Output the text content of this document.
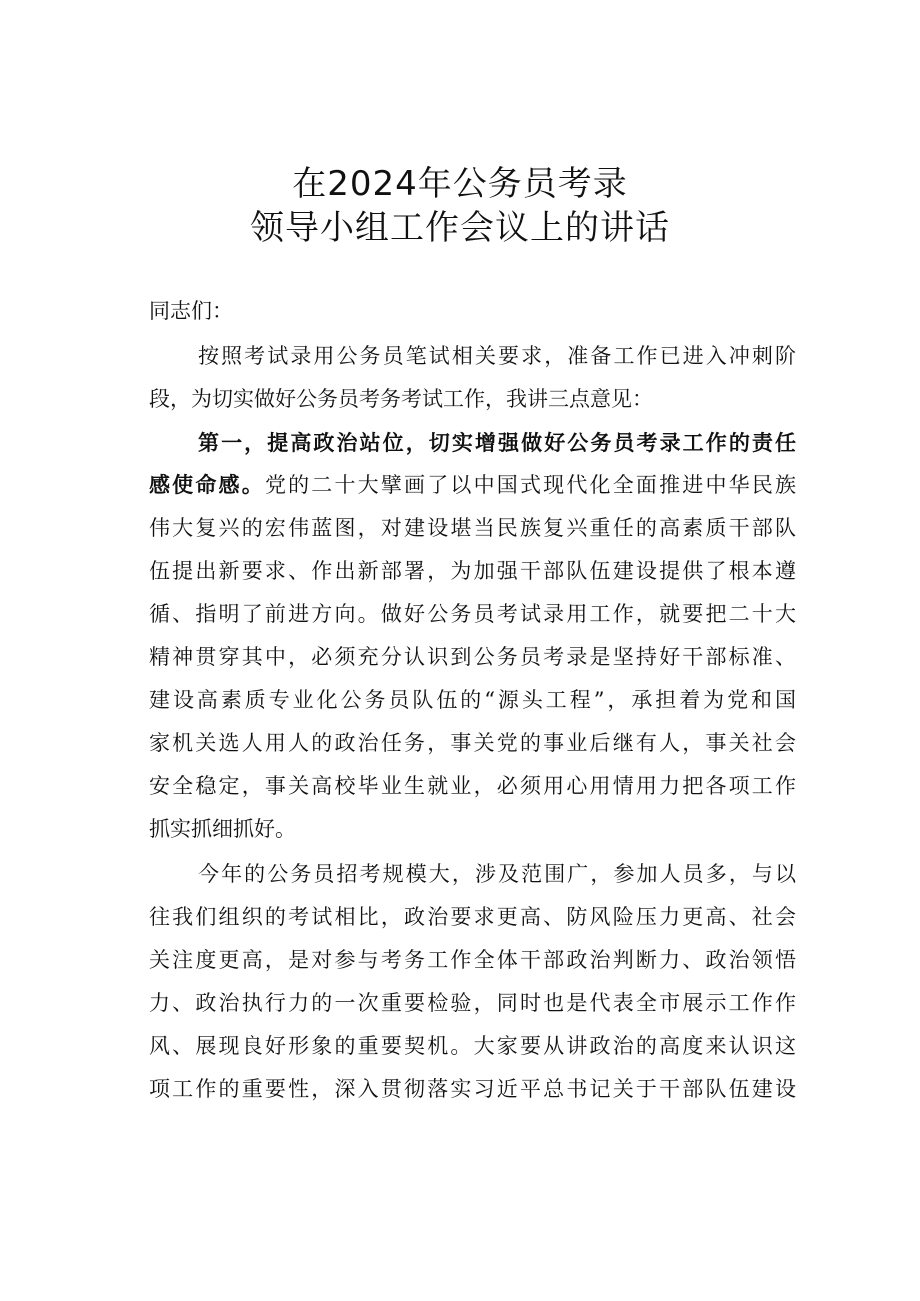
在2024年公务员考录
领导小组工作会议上的讲话
同志们：
按照考试录用公务员笔试相关要求，准备工作已进入冲刺阶
段，为切实做好公务员考务考试工作，我讲三点意见：
第一，提高政治站位，切实增强做好公务员考录工作的责任
感使命感。党的二十大擘画了以中国式现代化全面推进中华民族
伟大复兴的宏伟蓝图，对建设堪当民族复兴重任的高素质干部队
伍提出新要求、作出新部署，为加强干部队伍建设提供了根本遵
循、指明了前进方向。做好公务员考试录用工作，就要把二十大
精神贯穿其中，必须充分认识到公务员考录是坚持好干部标准、
建设高素质专业化公务员队伍的“源头工程”，承担着为党和国
家机关选人用人的政治任务，事关党的事业后继有人，事关社会
安全稳定，事关高校毕业生就业，必须用心用情用力把各项工作
抓实抓细抓好。
今年的公务员招考规模大，涉及范围广，参加人员多，与以
往我们组织的考试相比，政治要求更高、防风险压力更高、社会
关注度更高，是对参与考务工作全体干部政治判断力、政治领悟
力、政治执行力的一次重要检验，同时也是代表全市展示工作作
风、展现良好形象的重要契机。大家要从讲政治的高度来认识这
项工作的重要性，深入贯彻落实习近平总书记关于干部队伍建设
